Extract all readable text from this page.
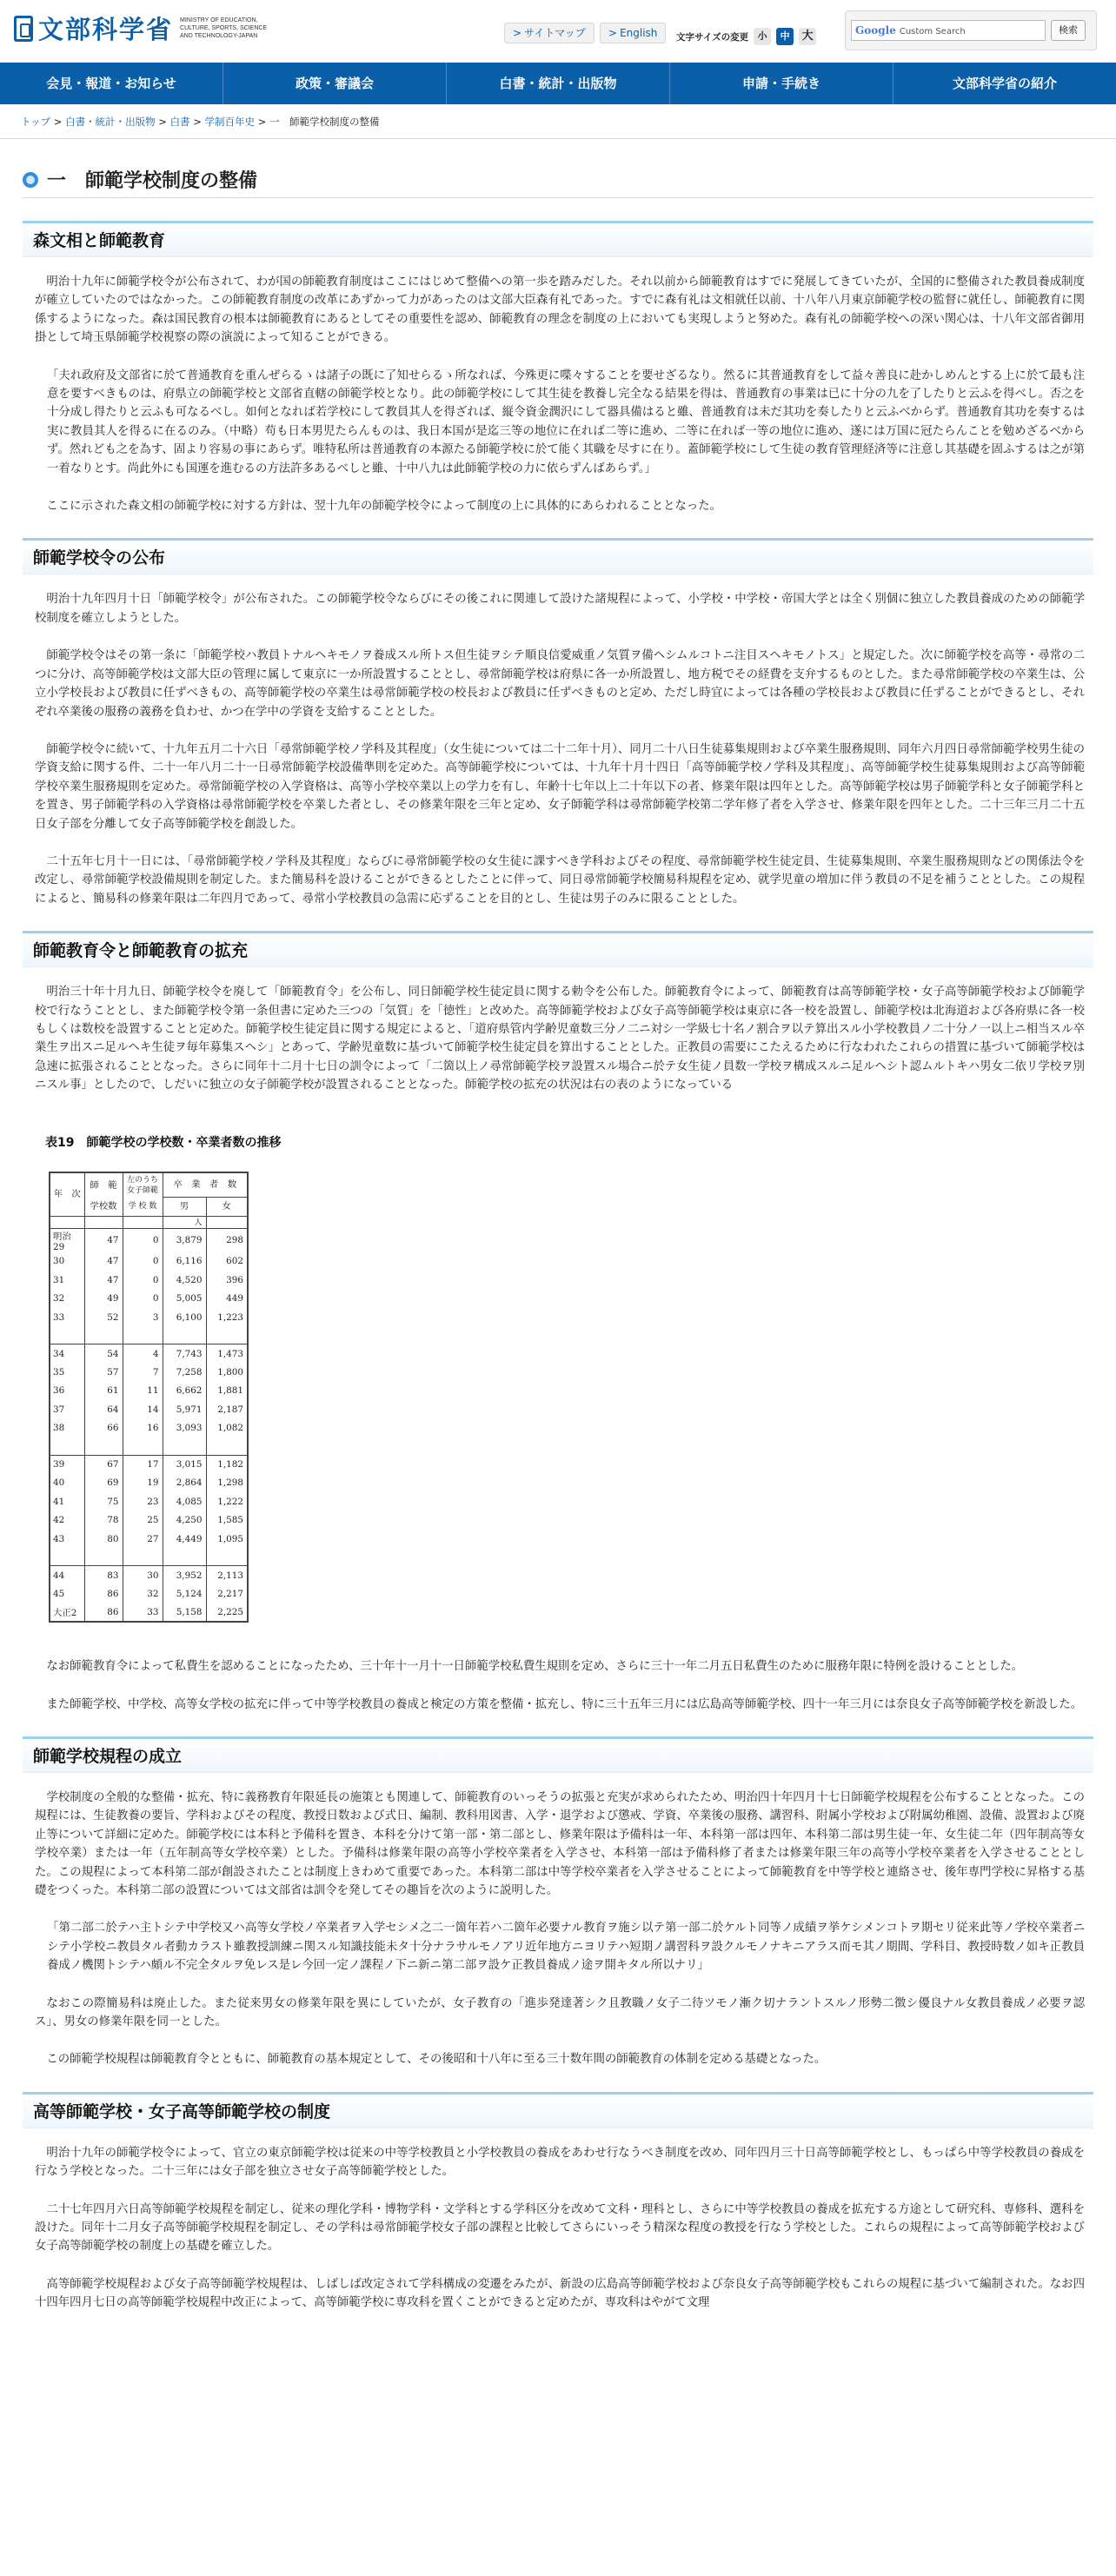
文部科学省 MINISTRY OF EDUCATION, CULTURE, SPORTS, SCIENCE AND TECHNOLOGY-JAPAN	> サイトマップ	> English	文字サイズの変更 小	中	大	Google Custom Search	検索
会見・報道・お知らせ	政策・審議会	白書・統計・出版物	申請・手続き	文部科学省の紹介
トップ > 白書・統計・出版物 > 白書 > 学制百年史 > 一　師範学校制度の整備
一　師範学校制度の整備
森文相と師範教育

明治十九年に師範学校令が公布されて、わが国の師範教育制度はここにはじめて整備への第一歩を踏みだした。それ以前から師範教育はすでに発展してきていたが、全国的に整備された教員養成制度が確立していたのではなかった。この師範教育制度の改革にあずかって力があったのは文部大臣森有礼であった。すでに森有礼は文相就任以前、十八年八月東京師範学校の監督に就任し、師範教育に関係するようになった。森は国民教育の根本は師範教育にあるとしてその重要性を認め、師範教育の理念を制度の上においても実現しようと努めた。森有礼の師範学校への深い関心は、十八年文部省御用掛として埼玉県師範学校視察の際の演説によって知ることができる。

「夫れ政府及文部省に於て普通教育を重んぜらるゝは諸子の既に了知せらるゝ所なれば、今殊更に喋々することを要せざるなり。然るに其普通教育をして益々善良に赴かしめんとする上に於て最も注意を要すべきものは、府県立の師範学校と文部省直轄の師範学校となり。此の師範学校にして其生徒を教養し完全なる結果を得は、普通教育の事業は已に十分の九を了したりと云ふを得べし。否之を十分成し得たりと云ふも可なるべし。如何となれば若学校にして教員其人を得ざれば、縦令資金潤沢にして器具備はると雖、普通教育は未だ其功を奏したりと云ふべからず。普通教育其功を奏するは実に教員其人を得るに在るのみ。（中略）苟も日本男児たらんものは、我日本国が是迄三等の地位に在れば二等に進め、二等に在れば一等の地位に進め、遂には万国に冠たらんことを勉めざるべからず。然れども之を為す、固より容易の事にあらず。唯特私所は普通教育の本源たる師範学校に於て能く其職を尽すに在り。蓋師範学校にして生徒の教育管理経済等に注意し其基礎を固ふするは之が第一着なりとす。尚此外にも国運を進むるの方法許多あるべしと雖、十中八九は此師範学校の力に依らずんばあらず。」

ここに示された森文相の師範学校に対する方針は、翌十九年の師範学校令によって制度の上に具体的にあらわれることとなった。

師範学校令の公布

明治十九年四月十日「師範学校令」が公布された。この師範学校令ならびにその後これに関連して設けた諸規程によって、小学校・中学校・帝国大学とは全く別個に独立した教員養成のための師範学校制度を確立しようとした。

師範学校令はその第一条に「師範学校ハ教員トナルヘキモノヲ養成スル所トス但生徒ヲシテ順良信愛威重ノ気質ヲ備ヘシムルコトニ注目スヘキモノトス」と規定した。次に師範学校を高等・尋常の二つに分け、高等師範学校は文部大臣の管理に属して東京に一か所設置することとし、尋常師範学校は府県に各一か所設置し、地方税でその経費を支弁するものとした。また尋常師範学校の卒業生は、公立小学校長および教員に任ずべきもの、高等師範学校の卒業生は尋常師範学校の校長および教員に任ずべきものと定め、ただし時宜によっては各種の学校長および教員に任ずることができるとし、それぞれ卒業後の服務の義務を負わせ、かつ在学中の学資を支給することとした。

師範学校令に続いて、十九年五月二十六日「尋常師範学校ノ学科及其程度」（女生徒については二十二年十月）、同月二十八日生徒募集規則および卒業生服務規則、同年六月四日尋常師範学校男生徒の学資支給に関する件、二十一年八月二十一日尋常師範学校設備準則を定めた。高等師範学校については、十九年十月十四日「高等師範学校ノ学科及其程度」、高等師範学校生徒募集規則および高等師範学校卒業生服務規則を定めた。尋常師範学校の入学資格は、高等小学校卒業以上の学力を有し、年齢十七年以上二十年以下の者、修業年限は四年とした。高等師範学校は男子師範学科と女子師範学科とを置き、男子師範学科の入学資格は尋常師範学校を卒業した者とし、その修業年限を三年と定め、女子師範学科は尋常師範学校第二学年修了者を入学させ、修業年限を四年とした。二十三年三月二十五日女子部を分離して女子高等師範学校を創設した。

二十五年七月十一日には、「尋常師範学校ノ学科及其程度」ならびに尋常師範学校の女生徒に課すべき学科およびその程度、尋常師範学校生徒定員、生徒募集規則、卒業生服務規則などの関係法令を改定し、尋常師範学校設備規則を制定した。また簡易科を設けることができるとしたことに伴って、同日尋常師範学校簡易科規程を定め、就学児童の増加に伴う教員の不足を補うこととした。この規程によると、簡易科の修業年限は二年四月であって、尋常小学校教員の急需に応ずることを目的とし、生徒は男子のみに限ることとした。

師範教育令と師範教育の拡充

明治三十年十月九日、師範学校令を廃して「師範教育令」を公布し、同日師範学校生徒定員に関する勅令を公布した。師範教育令によって、師範教育は高等師範学校・女子高等師範学校および師範学校で行なうこととし、また師範学校令第一条但書に定めた三つの「気質」を「徳性」と改めた。高等師範学校および女子高等師範学校は東京に各一校を設置し、師範学校は北海道および各府県に各一校もしくは数校を設置することと定めた。師範学校生徒定員に関する規定によると、「道府県管内学齢児童数三分ノ二ニ対シ一学級七十名ノ割合ヲ以テ算出スル小学校教員ノ二十分ノ一以上ニ相当スル卒業生ヲ出スニ足ルヘキ生徒ヲ毎年募集スヘシ」とあって、学齢児童数に基づいて師範学校生徒定員を算出することとした。正教員の需要にこたえるために行なわれたこれらの措置に基づいて師範学校は急速に拡張されることとなった。さらに同年十二月十七日の訓令によって「二箇以上ノ尋常師範学校ヲ設置スル場合ニ於テ女生徒ノ員数一学校ヲ構成スルニ足ルヘシト認ムルトキハ男女二依リ学校ヲ別ニスル事」としたので、しだいに独立の女子師範学校が設置されることとなった。師範学校の拡充の状況は右の表のようになっている

表19　師範学校の学校数・卒業者数の推移
年　次	師　範	左のうち女子師範	卒　業　者　数	
	学校数	学 校 数	男	女
			人	
明治29	47	0	3,879	298
30	47	0	6,116	602
31	47	0	4,520	396
32	49	0	5,005	449
33	52	3	6,100	1,223

34	54	4	7,743	1,473
35	57	7	7,258	1,800
36	61	11	6,662	1,881
37	64	14	5,971	2,187
38	66	16	3,093	1,082

39	67	17	3,015	1,182
40	69	19	2,864	1,298
41	75	23	4,085	1,222
42	78	25	4,250	1,585
43	80	27	4,449	1,095

44	83	30	3,952	2,113
45	86	32	5,124	2,217
大正2	86	33	5,158	2,225

なお師範教育令によって私費生を認めることになったため、三十年十一月十一日師範学校私費生規則を定め、さらに三十一年二月五日私費生のために服務年限に特例を設けることとした。

また師範学校、中学校、高等女学校の拡充に伴って中等学校教員の養成と検定の方策を整備・拡充し、特に三十五年三月には広島高等師範学校、四十一年三月には奈良女子高等師範学校を新設した。

師範学校規程の成立

学校制度の全般的な整備・拡充、特に義務教育年限延長の施策とも関連して、師範教育のいっそうの拡張と充実が求められたため、明治四十年四月十七日師範学校規程を公布することとなった。この規程には、生徒教養の要旨、学科およびその程度、教授日数および式日、編制、教科用図書、入学・退学および懲戒、学資、卒業後の服務、講習科、附属小学校および附属幼稚園、設備、設置および廃止等について詳細に定めた。師範学校には本科と予備科を置き、本科を分けて第一部・第二部とし、修業年限は予備科は一年、本科第一部は四年、本科第二部は男生徒一年、女生徒二年（四年制高等女学校卒業）または一年（五年制高等女学校卒業）とした。予備科は修業年限の高等小学校卒業者を入学させ、本科第一部は予備科修了者または修業年限三年の高等小学校卒業者を入学させることとした。この規程によって本科第二部が創設されたことは制度上きわめて重要であった。本科第二部は中等学校卒業者を入学させることによって師範教育を中等学校と連絡させ、後年専門学校に昇格する基礎をつくった。本科第二部の設置については文部省は訓令を発してその趣旨を次のように説明した。

「第二部二於テハ主トシテ中学校又ハ高等女学校ノ卒業者ヲ入学セシメ之二一箇年若ハ二箇年必要ナル教育ヲ施シ以テ第一部二於ケルト同等ノ成績ヲ挙ケシメンコトヲ期セリ従来此等ノ学校卒業者ニシテ小学校ニ教員タル者動カラスト雖教授訓練ニ関スル知識技能未タ十分ナラサルモノアリ近年地方ニヨリテハ短期ノ講習科ヲ設クルモノナキニアラス而モ其ノ期間、学科目、教授時数ノ如キ正教員養成ノ機関トシテハ頗ル不完全タルヲ免レス是レ今回一定ノ課程ノ下ニ新ニ第二部ヲ設ケ正教員養成ノ途ヲ開キタル所以ナリ」

なおこの際簡易科は廃止した。また従来男女の修業年限を異にしていたが、女子教育の「進歩発達著シク且教職ノ女子二待ツモノ漸ク切ナラントスルノ形勢二徴シ優良ナル女教員養成ノ必要ヲ認ス」、男女の修業年限を同一とした。

この師範学校規程は師範教育令とともに、師範教育の基本規定として、その後昭和十八年に至る三十数年間の師範教育の体制を定める基礎となった。

高等師範学校・女子高等師範学校の制度

明治十九年の師範学校令によって、官立の東京師範学校は従来の中等学校教員と小学校教員の養成をあわせ行なうべき制度を改め、同年四月三十日高等師範学校とし、もっぱら中等学校教員の養成を行なう学校となった。二十三年には女子部を独立させ女子高等師範学校とした。

二十七年四月六日高等師範学校規程を制定し、従来の理化学科・博物学科・文学科とする学科区分を改めて文科・理科とし、さらに中等学校教員の養成を拡充する方途として研究科、専修科、選科を設けた。同年十二月女子高等師範学校規程を制定し、その学科は尋常師範学校女子部の課程と比較してさらにいっそう精深な程度の教授を行なう学校とした。これらの規程によって高等師範学校および女子高等師範学校の制度上の基礎を確立した。

高等師範学校規程および女子高等師範学校規程は、しばしば改定されて学科構成の変遷をみたが、新設の広島高等師範学校および奈良女子高等師範学校もこれらの規程に基づいて編制された。なお四十四年四月七日の高等師範学校規程中改正によって、高等師範学校に専攻科を置くことができると定めたが、専攻科はやがて文理
